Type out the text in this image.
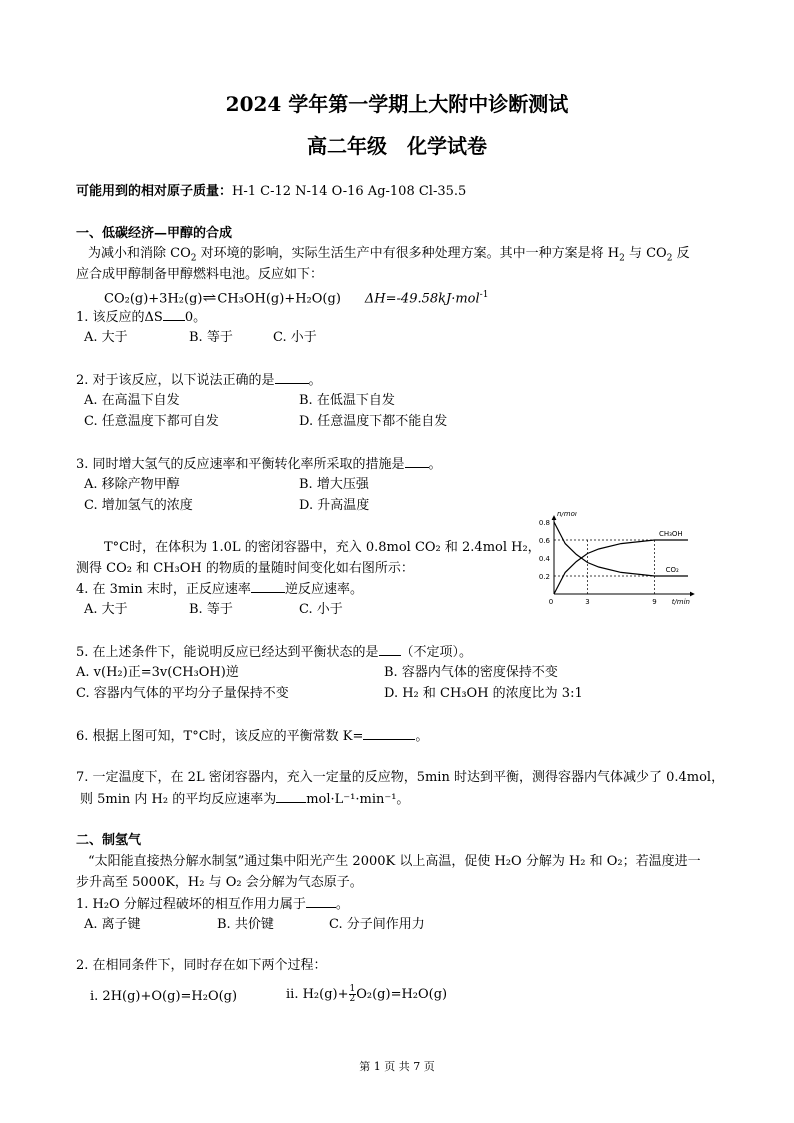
2024 学年第一学期上大附中诊断测试
高二年级　化学试卷
可能用到的相对原子质量：H-1 C-12 N-14 O-16 Ag-108 Cl-35.5
一、低碳经济—甲醇的合成
为减小和消除 $CO_2$ 对环境的影响，实际生活生产中有很多种处理方案。其中一种方案是将 $H_2$ 与 $CO_2$ 反
应合成甲醇制备甲醇燃料电池。反应如下：
CO₂(g)+3H₂(g)⇌CH₃OH(g)+H₂O(g) ΔH=-49.58kJ·mol$^{-1}$
1. 该反应的ΔS 0。
A. 大于	B. 等于	C. 小于
2. 对于该反应，以下说法正确的是	。
A. 在高温下自发	B. 在低温下自发
C. 任意温度下都可自发	D. 任意温度下都不能自发
3. 同时增大氢气的反应速率和平衡转化率所采取的措施是 。
A. 移除产物甲醇	B. 增大压强
C. 增加氢气的浓度	D. 升高温度
T°C时，在体积为 1.0L 的密闭容器中，充入 0.8mol CO₂ 和 2.4mol H₂，
测得 CO₂ 和 CH₃OH 的物质的量随时间变化如右图所示：
4. 在 3min 末时，正反应速率	逆反应速率。
A. 大于	B. 等于	C. 小于
0.2
0.4
0.6
0.8
0	3	9
n/mol
t/min
CH₃OH
CO₂
5. 在上述条件下，能说明反应已经达到平衡状态的是 （不定项）。
A. v(H₂)正=3v(CH₃OH)逆	B. 容器内气体的密度保持不变
C. 容器内气体的平均分子量保持不变	D. H₂ 和 CH₃OH 的浓度比为 3:1
6. 根据上图可知，T°C时，该反应的平衡常数 K=	。
7. 一定温度下，在 2L 密闭容器内，充入一定量的反应物，5min 时达到平衡，测得容器内气体减少了 0.4mol，
则 5min 内 H₂ 的平均反应速率为 mol·L⁻¹·min⁻¹。
二、制氢气
“太阳能直接热分解水制氢”通过集中阳光产生 2000K 以上高温，促使 H₂O 分解为 H₂ 和 O₂；若温度进一
步升高至 5000K，H₂ 与 O₂ 会分解为气态原子。
1. H₂O 分解过程破坏的相互作用力属于 。
A. 离子键	B. 共价键	C. 分子间作用力
2. 在相同条件下，同时存在如下两个过程：
i. 2H(g)+O(g)=H₂O(g)	ii. $H_2(g)+ \frac{1}{2} O_2(g)=H_2O(g)$
第 1 页 共 7 页
